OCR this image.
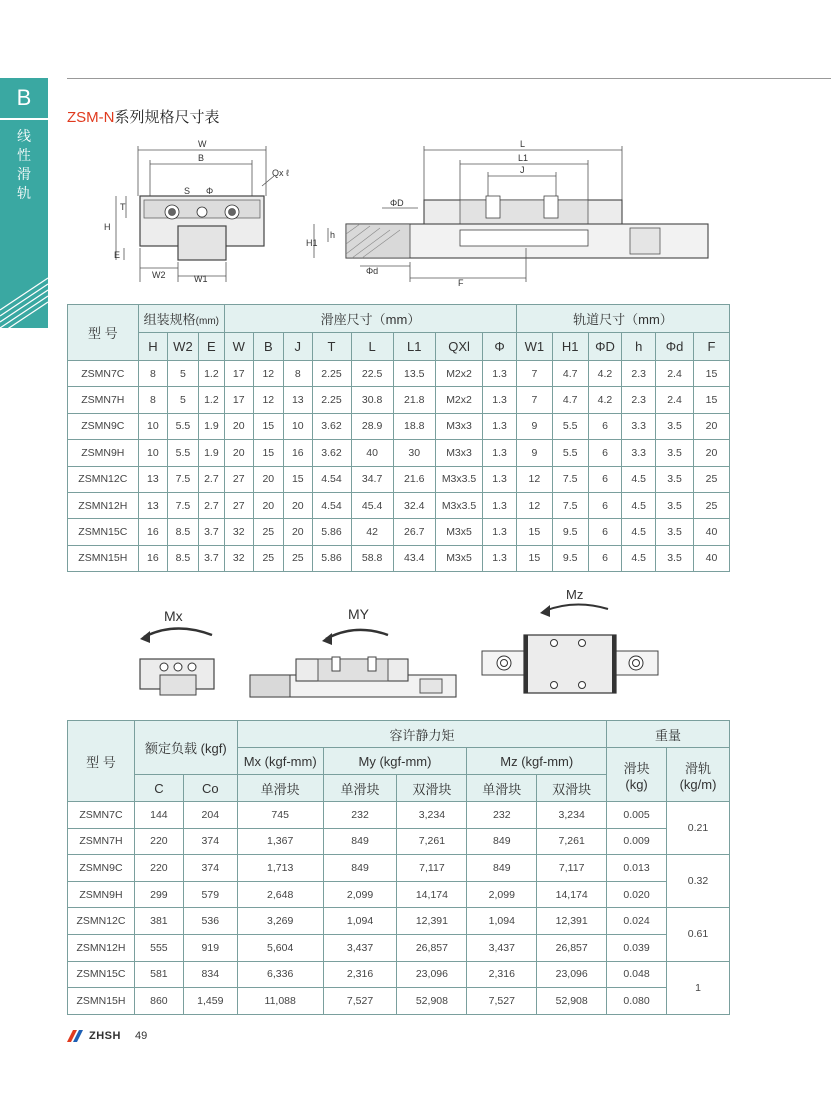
B
线
性
滑
轨
ZSM-N系列规格尺寸表
W
B
Qx ℓ
S Φ
T
H
E
W2	W1
L
L1
J
ΦD
h
H1
Φd
F
型 号	组装规格(mm)			滑座尺寸（mm）								轨道尺寸（mm）					
	H	W2	E	W	B	J	T	L	L1	QXl	Φ	W1	H1	ΦD	h	Φd	F
ZSMN7C	8	5	1.2	17	12	8	2.25	22.5	13.5	M2x2	1.3	7	4.7	4.2	2.3	2.4	15
ZSMN7H	8	5	1.2	17	12	13	2.25	30.8	21.8	M2x2	1.3	7	4.7	4.2	2.3	2.4	15
ZSMN9C	10	5.5	1.9	20	15	10	3.62	28.9	18.8	M3x3	1.3	9	5.5	6	3.3	3.5	20
ZSMN9H	10	5.5	1.9	20	15	16	3.62	40	30	M3x3	1.3	9	5.5	6	3.3	3.5	20
ZSMN12C	13	7.5	2.7	27	20	15	4.54	34.7	21.6	M3x3.5	1.3	12	7.5	6	4.5	3.5	25
ZSMN12H	13	7.5	2.7	27	20	20	4.54	45.4	32.4	M3x3.5	1.3	12	7.5	6	4.5	3.5	25
ZSMN15C	16	8.5	3.7	32	25	20	5.86	42	26.7	M3x5	1.3	15	9.5	6	4.5	3.5	40
ZSMN15H	16	8.5	3.7	32	25	25	5.86	58.8	43.4	M3x5	1.3	15	9.5	6	4.5	3.5	40
Mx	MY
Mz
型 号	额定负载 (kgf)		容许静力矩					重量	
			Mx (kgf-mm)	My (kgf-mm)		Mz (kgf-mm)		滑块
(kg)	滑轨
(kg/m)
	C	Co	单滑块	单滑块	双滑块	单滑块	双滑块		
ZSMN7C	144	204	745	232	3,234	232	3,234	0.005	0.21
ZSMN7H	220	374	1,367	849	7,261	849	7,261	0.009	
ZSMN9C	220	374	1,713	849	7,117	849	7,117	0.013	0.32
ZSMN9H	299	579	2,648	2,099	14,174	2,099	14,174	0.020	
ZSMN12C	381	536	3,269	1,094	12,391	1,094	12,391	0.024	0.61
ZSMN12H	555	919	5,604	3,437	26,857	3,437	26,857	0.039	
ZSMN15C	581	834	6,336	2,316	23,096	2,316	23,096	0.048	1
ZSMN15H	860	1,459	11,088	7,527	52,908	7,527	52,908	0.080	
ZHSH 49
